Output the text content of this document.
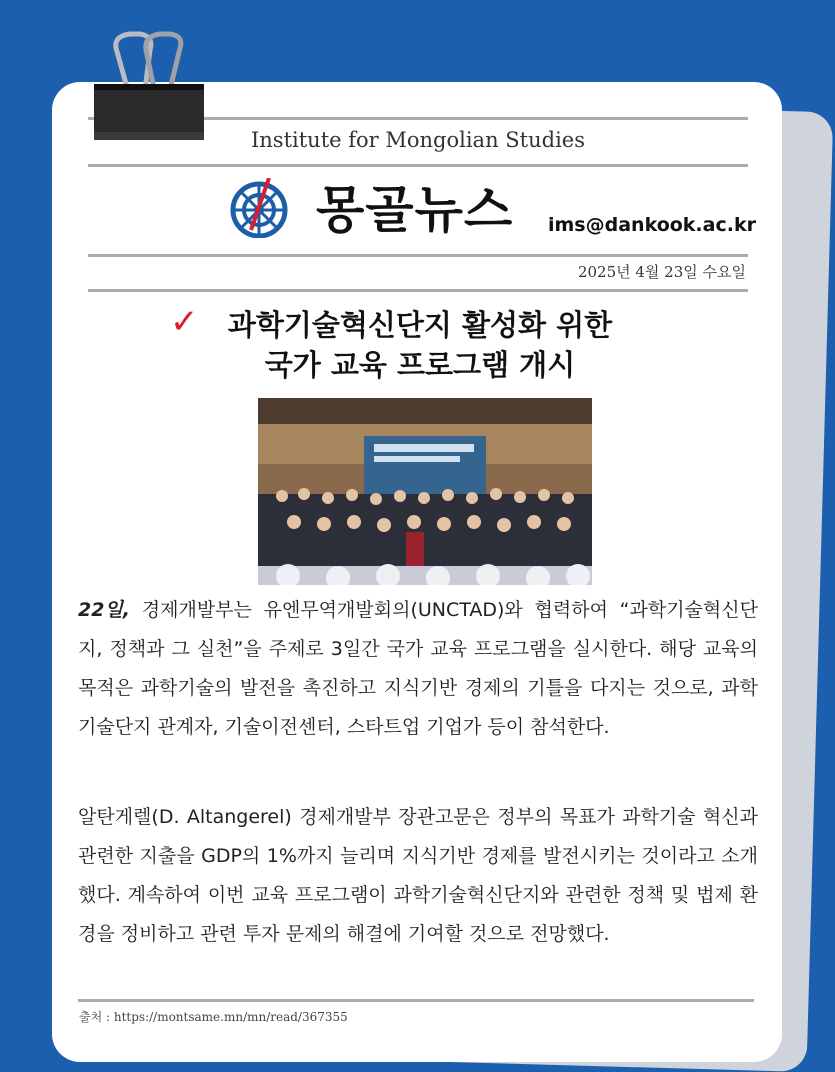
Institute for Mongolian Studies
몽골뉴스 ims@dankook.ac.kr
2025년 4월 23일 수요일
✓	과학기술혁신단지 활성화 위한
국가 교육 프로그램 개시
22일, 경제개발부는 유엔무역개발회의(UNCTAD)와 협력하여 “과학기술혁신단지, 정책과 그 실천”을 주제로 3일간 국가 교육 프로그램을 실시한다. 해당 교육의 목적은 과학기술의 발전을 촉진하고 지식기반 경제의 기틀을 다지는 것으로, 과학기술단지 관계자, 기술이전센터, 스타트업 기업가 등이 참석한다.
알탄게렐(D. Altangerel) 경제개발부 장관고문은 정부의 목표가 과학기술 혁신과 관련한 지출을 GDP의 1%까지 늘리며 지식기반 경제를 발전시키는 것이라고 소개했다. 계속하여 이번 교육 프로그램이 과학기술혁신단지와 관련한 정책 및 법제 환경을 정비하고 관련 투자 문제의 해결에 기여할 것으로 전망했다.
출처 : https://montsame.mn/mn/read/367355
